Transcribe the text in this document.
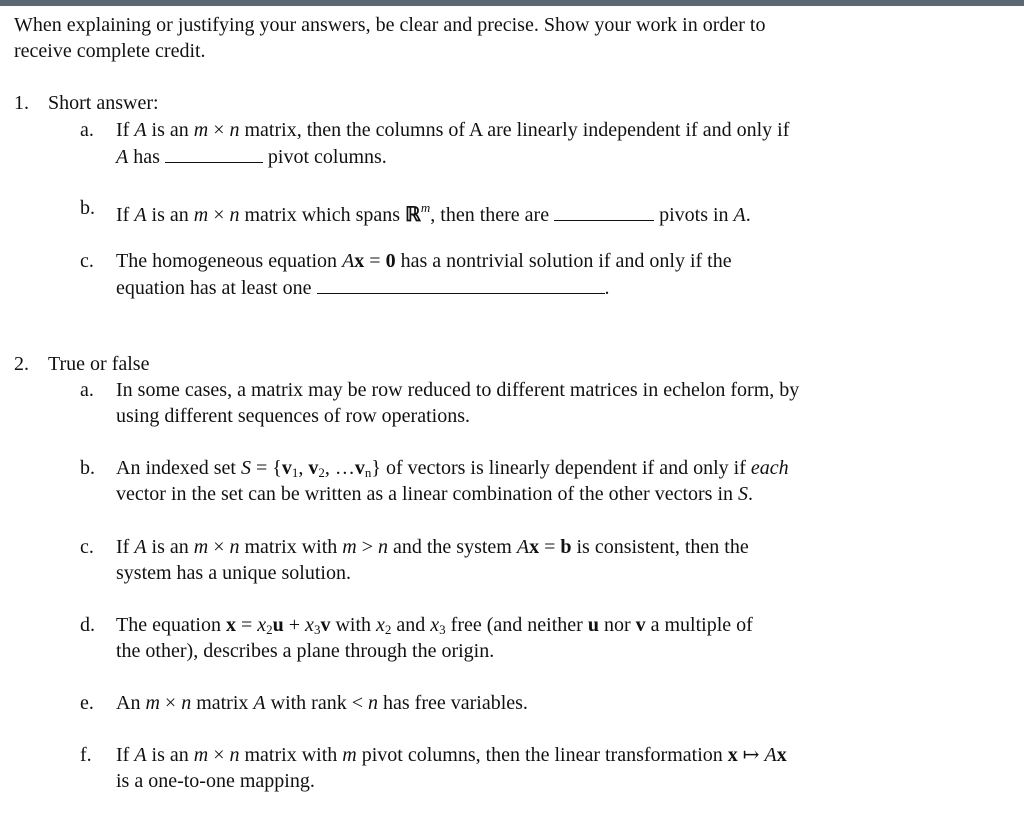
When explaining or justifying your answers, be clear and precise. Show your work in order to
receive complete credit.
1. Short answer:
a. If A is an m × n matrix, then the columns of A are linearly independent if and only if
A has	pivot columns.
b. If A is an m × n matrix which spans ℝ$^m$, then there are	pivots in A.
c. The homogeneous equation Ax = 0 has a nontrivial solution if and only if the
equation has at least one	.
2. True or false
a. In some cases, a matrix may be row reduced to different matrices in echelon form, by
using different sequences of row operations.
b. An indexed set $S = \{v_1$, $v_2$, $\dots v_n$} of vectors is linearly dependent if and only if each
vector in the set can be written as a linear combination of the other vectors in S.
c. If A is an m × n matrix with m > n and the system Ax = b is consistent, then the
system has a unique solution.
d. The equation $x = x_2u + x_3v$ with $x_2$ and $x_3$ free (and neither u nor v a multiple of
the other), describes a plane through the origin.
e. An m × n matrix A with rank < n has free variables.
f. If A is an m × n matrix with m pivot columns, then the linear transformation x ↦ Ax
is a one-to-one mapping.
